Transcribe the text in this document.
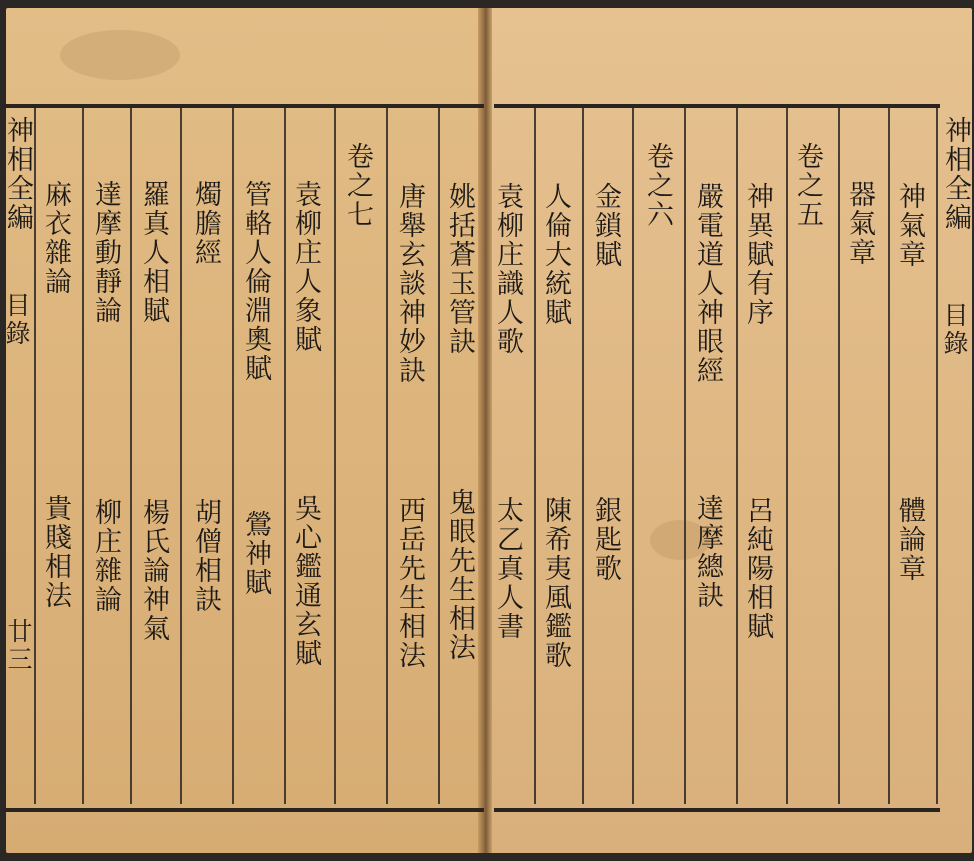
神相全編
目錄
廿三
姚括蒼玉管訣
鬼眼先生相法
唐舉玄談神妙訣
西岳先生相法
卷之七
袁柳庄人象賦
吳心鑑通玄賦
管輅人倫淵奧賦
鶯神賦
燭膽經
胡僧相訣
羅真人相賦
楊氏論神氣
達摩動靜論
柳庄雜論
麻衣雜論
貴賤相法
神氣章
體論章
器氣章
卷之五
神異賦有序
呂純陽相賦
嚴電道人神眼經
達摩總訣
卷之六
金鎖賦
銀匙歌
人倫大統賦
陳希夷風鑑歌
袁柳庄識人歌
太乙真人書
神相全編
目錄
